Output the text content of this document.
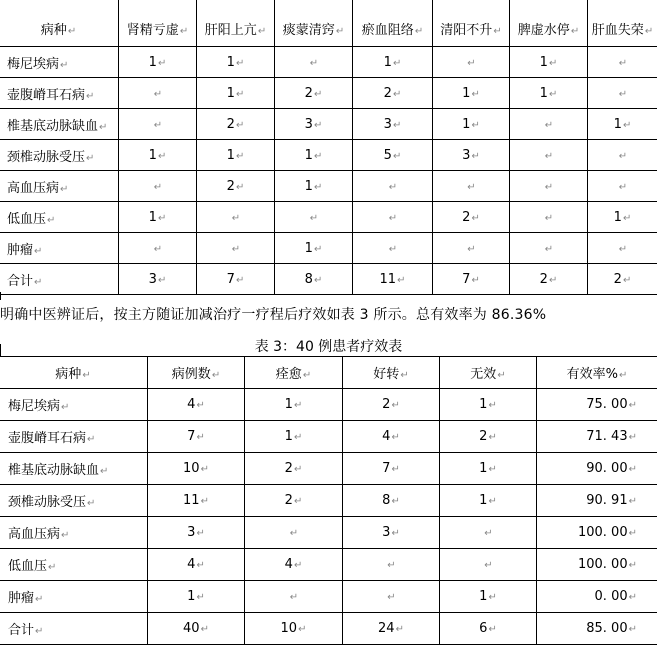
病种↵	肾精亏虚↵	肝阳上亢↵	痰蒙清窍↵	瘀血阻络↵	清阳不升↵	脾虚水停↵	肝血失荣↵
梅尼埃病↵	1↵	1↵	↵	1↵	↵	1↵	↵
壶腹嵴耳石病↵	↵	1↵	2↵	2↵	1↵	1↵	↵
椎基底动脉缺血↵	↵	2↵	3↵	3↵	1↵	↵	1↵
颈椎动脉受压↵	1↵	1↵	1↵	5↵	3↵	↵	↵
高血压病↵	↵	2↵	1↵	↵	↵	↵	↵
低血压↵	1↵	↵	↵	↵	2↵	↵	1↵
肿瘤↵	↵	↵	1↵	↵	↵	↵	↵
合计↵	3↵	7↵	8↵	11↵	7↵	2↵	2↵
明确中医辨证后，按主方随证加减治疗一疗程后疗效如表 3 所示。总有效率为 86.36%
表 3：40 例患者疗效表
病种↵	病例数↵	痊愈↵	好转↵	无效↵	有效率%↵
梅尼埃病↵	4↵	1↵	2↵	1↵	75. 00↵
壶腹嵴耳石病↵	7↵	1↵	4↵	2↵	71. 43↵
椎基底动脉缺血↵	10↵	2↵	7↵	1↵	90. 00↵
颈椎动脉受压↵	11↵	2↵	8↵	1↵	90. 91↵
高血压病↵	3↵	↵	3↵	↵	100. 00↵
低血压↵	4↵	4↵	↵	↵	100. 00↵
肿瘤↵	1↵	↵	↵	1↵	0. 00↵
合计↵	40↵	10↵	24↵	6↵	85. 00↵
